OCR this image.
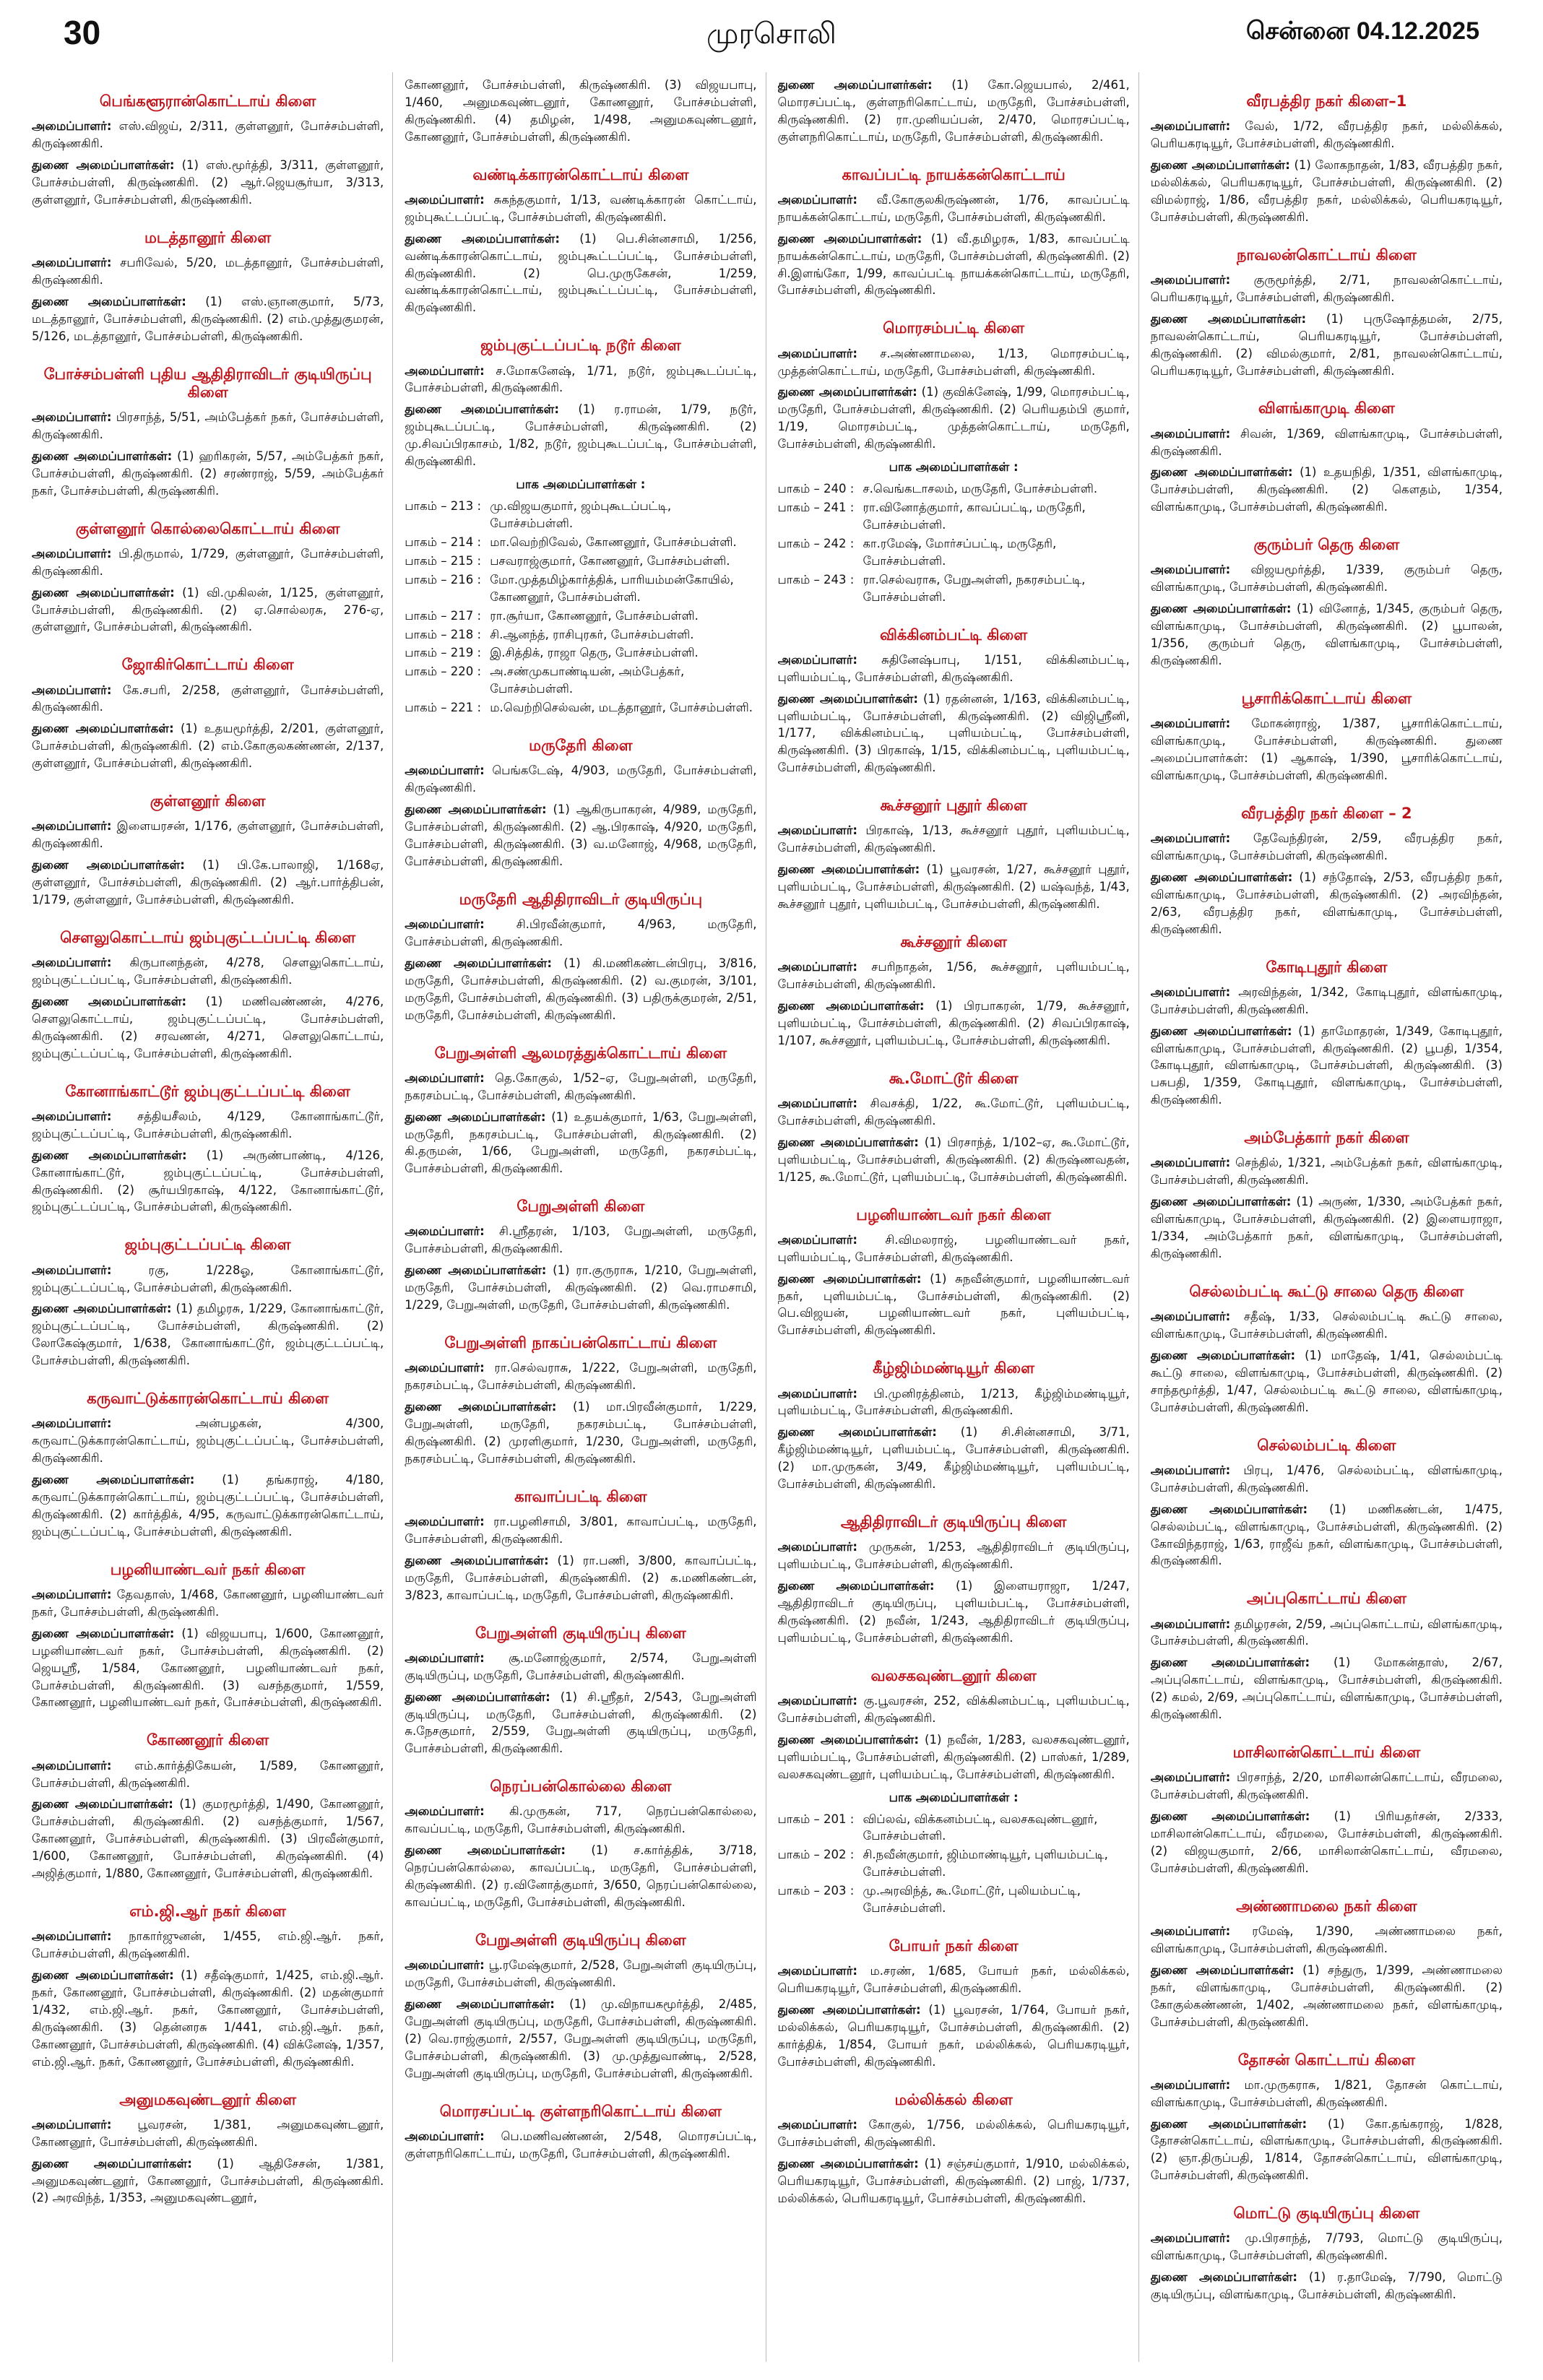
30	முரசொலி	சென்னை 04.12.2025
பெங்களூரான்கொட்டாய் கிளை
அமைப்பாளர்: எஸ்.விஜய், 2/311, குள்ளனூர், போச்சம்பள்ளி, கிருஷ்ணகிரி.
துணை அமைப்பாளர்கள்: (1) எஸ்.மூர்த்தி, 3/311, குள்ளனூர், போச்சம்பள்ளி, கிருஷ்ணகிரி. (2) ஆர்.ஜெயசூர்யா, 3/313, குள்ளனூர், போச்சம்பள்ளி, கிருஷ்ணகிரி.
மடத்தானூர் கிளை
அமைப்பாளர்: சபரிவேல், 5/20, மடத்தானூர், போச்சம்பள்ளி, கிருஷ்ணகிரி.
துணை அமைப்பாளர்கள்: (1) எஸ்.ஞானகுமார், 5/73, மடத்தானூர், போச்சம்பள்ளி, கிருஷ்ணகிரி. (2) எம்.முத்துகுமரன், 5/126, மடத்தானூர், போச்சம்பள்ளி, கிருஷ்ணகிரி.
போச்சம்பள்ளி புதிய ஆதிதிராவிடர் குடியிருப்பு கிளை
அமைப்பாளர்: பிரசாந்த், 5/51, அம்பேத்கர் நகர், போச்சம்பள்ளி, கிருஷ்ணகிரி.
துணை அமைப்பாளர்கள்: (1) ஹரிகரன், 5/57, அம்பேத்கர் நகர், போச்சம்பள்ளி, கிருஷ்ணகிரி. (2) சரண்ராஜ், 5/59, அம்பேத்கர் நகர், போச்சம்பள்ளி, கிருஷ்ணகிரி.
குள்ளனூர் கொல்லைகொட்டாய் கிளை
அமைப்பாளர்: பி.திருமால், 1/729, குள்ளனூர், போச்சம்பள்ளி, கிருஷ்ணகிரி.
துணை அமைப்பாளர்கள்: (1) வி.முகிலன், 1/125, குள்ளனூர், போச்சம்பள்ளி, கிருஷ்ணகிரி. (2) ஏ.சொல்லரசு, 276-ஏ, குள்ளனூர், போச்சம்பள்ளி, கிருஷ்ணகிரி.
ஜோகிர்கொட்டாய் கிளை
அமைப்பாளர்: கே.சபரி, 2/258, குள்ளனூர், போச்சம்பள்ளி, கிருஷ்ணகிரி.
துணை அமைப்பாளர்கள்: (1) உதயமூர்த்தி, 2/201, குள்ளனூர், போச்சம்பள்ளி, கிருஷ்ணகிரி. (2) எம்.கோகுலகண்ணன், 2/137, குள்ளனூர், போச்சம்பள்ளி, கிருஷ்ணகிரி.
குள்ளனூர் கிளை
அமைப்பாளர்: இளையரசன், 1/176, குள்ளனூர், போச்சம்பள்ளி, கிருஷ்ணகிரி.
துணை அமைப்பாளர்கள்: (1) பி.கே.பாலாஜி, 1/168ஏ, குள்ளனூர், போச்சம்பள்ளி, கிருஷ்ணகிரி. (2) ஆர்.பார்த்திபன், 1/179, குள்ளனூர், போச்சம்பள்ளி, கிருஷ்ணகிரி.
செளலுகொட்டாய் ஜம்புகுட்டப்பட்டி கிளை
அமைப்பாளர்: கிருபானந்தன், 4/278, செளலுகொட்டாய், ஜம்புகுட்டப்பட்டி, போச்சம்பள்ளி, கிருஷ்ணகிரி.
துணை அமைப்பாளர்கள்: (1) மணிவண்ணன், 4/276, செளலுகொட்டாய், ஜம்புகுட்டப்பட்டி, போச்சம்பள்ளி, கிருஷ்ணகிரி. (2) சரவணன், 4/271, செளலுகொட்டாய், ஜம்புகுட்டப்பட்டி, போச்சம்பள்ளி, கிருஷ்ணகிரி.
கோனாங்காட்டூர் ஜம்புகுட்டப்பட்டி கிளை
அமைப்பாளர்: சத்தியசீலம், 4/129, கோனாங்காட்டூர், ஜம்புகுட்டப்பட்டி, போச்சம்பள்ளி, கிருஷ்ணகிரி.
துணை அமைப்பாளர்கள்: (1) அருண்பாண்டி, 4/126, கோனாங்காட்டூர், ஜம்புகுட்டப்பட்டி, போச்சம்பள்ளி, கிருஷ்ணகிரி. (2) சூர்யபிரகாஷ், 4/122, கோனாங்காட்டூர், ஜம்புகுட்டப்பட்டி, போச்சம்பள்ளி, கிருஷ்ணகிரி.
ஜம்புகுட்டப்பட்டி கிளை
அமைப்பாளர்: ரகு, 1/228ஓ, கோனாங்காட்டூர், ஜம்புகுட்டப்பட்டி, போச்சம்பள்ளி, கிருஷ்ணகிரி.
துணை அமைப்பாளர்கள்: (1) தமிழரசு, 1/229, கோனாங்காட்டூர், ஜம்புகுட்டப்பட்டி, போச்சம்பள்ளி, கிருஷ்ணகிரி. (2) லோகேஷ்குமார், 1/638, கோனாங்காட்டூர், ஜம்புகுட்டப்பட்டி, போச்சம்பள்ளி, கிருஷ்ணகிரி.
கருவாட்டுக்காரன்கொட்டாய் கிளை
அமைப்பாளர்: அன்பழகன், 4/300, கருவாட்டுக்காரன்கொட்டாய், ஜம்புகுட்டப்பட்டி, போச்சம்பள்ளி, கிருஷ்ணகிரி.
துணை அமைப்பாளர்கள்: (1) தங்கராஜ், 4/180, கருவாட்டுக்காரன்கொட்டாய், ஜம்புகுட்டப்பட்டி, போச்சம்பள்ளி, கிருஷ்ணகிரி. (2) கார்த்திக், 4/95, கருவாட்டுக்காரன்கொட்டாய், ஜம்புகுட்டப்பட்டி, போச்சம்பள்ளி, கிருஷ்ணகிரி.
பழனியாண்டவர் நகர் கிளை
அமைப்பாளர்: தேவதாஸ், 1/468, கோணனூர், பழனியாண்டவர் நகர், போச்சம்பள்ளி, கிருஷ்ணகிரி.
துணை அமைப்பாளர்கள்: (1) விஜயபாபு, 1/600, கோணனூர், பழனியாண்டவர் நகர், போச்சம்பள்ளி, கிருஷ்ணகிரி. (2) ஜெயஸ்ரீ, 1/584, கோணனூர், பழனியாண்டவர் நகர், போச்சம்பள்ளி, கிருஷ்ணகிரி. (3) வசந்தகுமார், 1/559, கோணனூர், பழனியாண்டவர் நகர், போச்சம்பள்ளி, கிருஷ்ணகிரி.
கோணனூர் கிளை
அமைப்பாளர்: எம்.கார்த்திகேயன், 1/589, கோணனூர், போச்சம்பள்ளி, கிருஷ்ணகிரி.
துணை அமைப்பாளர்கள்: (1) குமரமூர்த்தி, 1/490, கோணனூர், போச்சம்பள்ளி, கிருஷ்ணகிரி. (2) வசந்த்குமார், 1/567, கோணனூர், போச்சம்பள்ளி, கிருஷ்ணகிரி. (3) பிரவீன்குமார், 1/600, கோணனூர், போச்சம்பள்ளி, கிருஷ்ணகிரி. (4) அஜித்குமார், 1/880, கோணனூர், போச்சம்பள்ளி, கிருஷ்ணகிரி.
எம்.ஜி.ஆர் நகர் கிளை
அமைப்பாளர்: நாகார்ஜுனன், 1/455, எம்.ஜி.ஆர். நகர், போச்சம்பள்ளி, கிருஷ்ணகிரி.
துணை அமைப்பாளர்கள்: (1) சதீஷ்குமார், 1/425, எம்.ஜி.ஆர். நகர், கோணனூர், போச்சம்பள்ளி, கிருஷ்ணகிரி. (2) மதன்குமார் 1/432, எம்.ஜி.ஆர். நகர், கோணனூர், போச்சம்பள்ளி, கிருஷ்ணகிரி. (3) தென்னரசு 1/441, எம்.ஜி.ஆர். நகர், கோணனூர், போச்சம்பள்ளி, கிருஷ்ணகிரி. (4) விக்னேஷ், 1/357, எம்.ஜி.ஆர். நகர், கோணனூர், போச்சம்பள்ளி, கிருஷ்ணகிரி.
அனுமகவுண்டனூர் கிளை
அமைப்பாளர்: பூவரசன், 1/381, அனுமகவுண்டனூர், கோணனூர், போச்சம்பள்ளி, கிருஷ்ணகிரி.
துணை அமைப்பாளர்கள்: (1) ஆதிசேசன், 1/381, அனுமகவுண்டனூர், கோணனூர், போச்சம்பள்ளி, கிருஷ்ணகிரி. (2) அரவிந்த், 1/353, அனுமகவுண்டனூர்,
கோணனூர், போச்சம்பள்ளி, கிருஷ்ணகிரி. (3) விஜயபாபு, 1/460, அனுமகவுண்டனூர், கோணனூர், போச்சம்பள்ளி, கிருஷ்ணகிரி. (4) தமிழன், 1/498, அனுமகவுண்டனூர், கோணனூர், போச்சம்பள்ளி, கிருஷ்ணகிரி.
வண்டிக்காரன்கொட்டாய் கிளை
அமைப்பாளர்: சுகந்தகுமார், 1/13, வண்டிக்காரன் கொட்டாய், ஜம்புகூட்டப்பட்டி, போச்சம்பள்ளி, கிருஷ்ணகிரி.
துணை அமைப்பாளர்கள்: (1) பெ.சின்னசாமி, 1/256, வண்டிக்காரன்கொட்டாய், ஜம்புகூட்டப்பட்டி, போச்சம்பள்ளி, கிருஷ்ணகிரி. (2) பெ.முருகேசன், 1/259, வண்டிக்காரன்கொட்டாய், ஜம்புகூட்டப்பட்டி, போச்சம்பள்ளி, கிருஷ்ணகிரி.
ஜம்புகுட்டப்பட்டி நடூர் கிளை
அமைப்பாளர்: ச.மோகனேஷ், 1/71, நடூர், ஜம்புகூடப்பட்டி, போச்சம்பள்ளி, கிருஷ்ணகிரி.
துணை அமைப்பாளர்கள்: (1) ர.ராமன், 1/79, நடூர், ஜம்புகூடப்பட்டி, போச்சம்பள்ளி, கிருஷ்ணகிரி. (2) மு.சிவப்பிரகாசம், 1/82, நடூர், ஜம்புகூடப்பட்டி, போச்சம்பள்ளி, கிருஷ்ணகிரி.
பாக அமைப்பாளர்கள் :
பாகம் – 213 : மு.விஜயகுமார், ஜம்புகூடப்பட்டி, போச்சம்பள்ளி.
பாகம் – 214 : மா.வெற்றிவேல், கோணனூர், போச்சம்பள்ளி.
பாகம் – 215 : பசவராஜ்குமார், கோணனூர், போச்சம்பள்ளி.
பாகம் – 216 : மோ.முத்தமிழ்கார்த்திக், பாரியம்மன்கோயில், கோணனூர், போச்சம்பள்ளி.
பாகம் – 217 : ரா.சூர்யா, கோணனூர், போச்சம்பள்ளி.
பாகம் – 218 : சி.ஆனந்த், ராசிபுரகர், போச்சம்பள்ளி.
பாகம் – 219 : இ.சித்திக், ராஜா தெரு, போச்சம்பள்ளி.
பாகம் – 220 : அ.சண்முகபாண்டியன், அம்பேத்கர், போச்சம்பள்ளி.
பாகம் – 221 : ம.வெற்றிசெல்வன், மடத்தானூர், போச்சம்பள்ளி.
மருதேரி கிளை
அமைப்பாளர்: பெங்கடேஷ், 4/903, மருதேரி, போச்சம்பள்ளி, கிருஷ்ணகிரி.
துணை அமைப்பாளர்கள்: (1) ஆகிருபாகரன், 4/989, மருதேரி, போச்சம்பள்ளி, கிருஷ்ணகிரி. (2) ஆ.பிரகாஷ், 4/920, மருதேரி, போச்சம்பள்ளி, கிருஷ்ணகிரி. (3) வ.மனோஜ், 4/968, மருதேரி, போச்சம்பள்ளி, கிருஷ்ணகிரி.
மருதேரி ஆதிதிராவிடர் குடியிருப்பு
அமைப்பாளர்: சி.பிரவீன்குமார், 4/963, மருதேரி, போச்சம்பள்ளி, கிருஷ்ணகிரி.
துணை அமைப்பாளர்கள்: (1) கி.மணிகண்டன்பிரபு, 3/816, மருதேரி, போச்சம்பள்ளி, கிருஷ்ணகிரி. (2) வ.குமரன், 3/101, மருதேரி, போச்சம்பள்ளி, கிருஷ்ணகிரி. (3) பதிருக்குமரன், 2/51, மருதேரி, போச்சம்பள்ளி, கிருஷ்ணகிரி.
பேறுஅள்ளி ஆலமரத்துக்கொட்டாய் கிளை
அமைப்பாளர்: தெ.கோகுல், 1/52–ஏ, பேறுஅள்ளி, மருதேரி, நகரசம்பட்டி, போச்சம்பள்ளி, கிருஷ்ணகிரி.
துணை அமைப்பாளர்கள்: (1) உதயக்குமார், 1/63, பேறுஅள்ளி, மருதேரி, நகரசம்பட்டி, போச்சம்பள்ளி, கிருஷ்ணகிரி. (2) கி.தருமன், 1/66, பேறுஅள்ளி, மருதேரி, நகரசம்பட்டி, போச்சம்பள்ளி, கிருஷ்ணகிரி.
பேறுஅள்ளி கிளை
அமைப்பாளர்: சி.ஸ்ரீதரன், 1/103, பேறுஅள்ளி, மருதேரி, போச்சம்பள்ளி, கிருஷ்ணகிரி.
துணை அமைப்பாளர்கள்: (1) ரா.குருராசு, 1/210, பேறுஅள்ளி, மருதேரி, போச்சம்பள்ளி, கிருஷ்ணகிரி. (2) வெ.ராமசாமி, 1/229, பேறுஅள்ளி, மருதேரி, போச்சம்பள்ளி, கிருஷ்ணகிரி.
பேறுஅள்ளி நாகப்பன்கொட்டாய் கிளை
அமைப்பாளர்: ரா.செல்வராசு, 1/222, பேறுஅள்ளி, மருதேரி, நகரசம்பட்டி, போச்சம்பள்ளி, கிருஷ்ணகிரி.
துணை அமைப்பாளர்கள்: (1) மா.பிரவீன்குமார், 1/229, பேறுஅள்ளி, மருதேரி, நகரசம்பட்டி, போச்சம்பள்ளி, கிருஷ்ணகிரி. (2) முரளிகுமார், 1/230, பேறுஅள்ளி, மருதேரி, நகரசம்பட்டி, போச்சம்பள்ளி, கிருஷ்ணகிரி.
காவாப்பட்டி கிளை
அமைப்பாளர்: ரா.பழனிசாமி, 3/801, காவாப்பட்டி, மருதேரி, போச்சம்பள்ளி, கிருஷ்ணகிரி.
துணை அமைப்பாளர்கள்: (1) ரா.பணி, 3/800, காவாப்பட்டி, மருதேரி, போச்சம்பள்ளி, கிருஷ்ணகிரி. (2) க.மணிகண்டன், 3/823, காவாப்பட்டி, மருதேரி, போச்சம்பள்ளி, கிருஷ்ணகிரி.
பேறுஅள்ளி குடியிருப்பு கிளை
அமைப்பாளர்: சூ.மனோஜ்குமார், 2/574, பேறுஅள்ளி குடியிருப்பு, மருதேரி, போச்சம்பள்ளி, கிருஷ்ணகிரி.
துணை அமைப்பாளர்கள்: (1) சி.ஸ்ரீதர், 2/543, பேறுஅள்ளி குடியிருப்பு, மருதேரி, போச்சம்பள்ளி, கிருஷ்ணகிரி. (2) சு.நேசகுமார், 2/559, பேறுஅள்ளி குடியிருப்பு, மருதேரி, போச்சம்பள்ளி, கிருஷ்ணகிரி.
நெரப்பன்கொல்லை கிளை
அமைப்பாளர்: கி.முருகன், 717, நெரப்பன்கொல்லை, காவப்பட்டி, மருதேரி, போச்சம்பள்ளி, கிருஷ்ணகிரி.
துணை அமைப்பாளர்கள்: (1) ச.கார்த்திக், 3/718, நெரப்பன்கொல்லை, காவப்பட்டி, மருதேரி, போச்சம்பள்ளி, கிருஷ்ணகிரி. (2) ர.வினோத்குமார், 3/650, நெரப்பன்கொல்லை, காவப்பட்டி, மருதேரி, போச்சம்பள்ளி, கிருஷ்ணகிரி.
பேறுஅள்ளி குடியிருப்பு கிளை
அமைப்பாளர்: பூ.ரமேஷ்குமார், 2/528, பேறுஅள்ளி குடியிருப்பு, மருதேரி, போச்சம்பள்ளி, கிருஷ்ணகிரி.
துணை அமைப்பாளர்கள்: (1) மு.விநாயகமூர்த்தி, 2/485, பேறுஅள்ளி குடியிருப்பு, மருதேரி, போச்சம்பள்ளி, கிருஷ்ணகிரி. (2) வெ.ராஜ்குமார், 2/557, பேறுஅள்ளி குடியிருப்பு, மருதேரி, போச்சம்பள்ளி, கிருஷ்ணகிரி. (3) மு.முத்துவாண்டி, 2/528, பேறுஅள்ளி குடியிருப்பு, மருதேரி, போச்சம்பள்ளி, கிருஷ்ணகிரி.
மொரசப்பட்டி குள்ளநரிகொட்டாய் கிளை
அமைப்பாளர்: பெ.மணிவண்ணன், 2/548, மொரசப்பட்டி, குள்ளநரிகொட்டாய், மருதேரி, போச்சம்பள்ளி, கிருஷ்ணகிரி.
துணை அமைப்பாளர்கள்: (1) கோ.ஜெயபால், 2/461, மொரசப்பட்டி, குள்ளநரிகொட்டாய், மருதேரி, போச்சம்பள்ளி, கிருஷ்ணகிரி. (2) ரா.முனியப்பன், 2/470, மொரசப்பட்டி, குள்ளநரிகொட்டாய், மருதேரி, போச்சம்பள்ளி, கிருஷ்ணகிரி.
காவப்பட்டி நாயக்கன்கொட்டாய்
அமைப்பாளர்: வீ.கோகுலகிருஷ்ணன், 1/76, காவப்பட்டி நாயக்கன்கொட்டாய், மருதேரி, போச்சம்பள்ளி, கிருஷ்ணகிரி.
துணை அமைப்பாளர்கள்: (1) வீ.தமிழரசு, 1/83, காவப்பட்டி நாயக்கன்கொட்டாய், மருதேரி, போச்சம்பள்ளி, கிருஷ்ணகிரி. (2) சி.இளங்கோ, 1/99, காவப்பட்டி நாயக்கன்கொட்டாய், மருதேரி, போச்சம்பள்ளி, கிருஷ்ணகிரி.
மொரசம்பட்டி கிளை
அமைப்பாளர்: ச.அண்ணாமலை, 1/13, மொரசம்பட்டி, முத்தன்கொட்டாய், மருதேரி, போச்சம்பள்ளி, கிருஷ்ணகிரி.
துணை அமைப்பாளர்கள்: (1) குவிக்னேஷ், 1/99, மொரசம்பட்டி, மருதேரி, போச்சம்பள்ளி, கிருஷ்ணகிரி. (2) பெரியதம்பி குமார், 1/19, மொரசம்பட்டி, முத்தன்கொட்டாய், மருதேரி, போச்சம்பள்ளி, கிருஷ்ணகிரி.
பாக அமைப்பாளர்கள் :
பாகம் – 240 : ச.வெங்கடாசலம், மருதேரி, போச்சம்பள்ளி.
பாகம் – 241 : ரா.வினோத்குமார், காவப்பட்டி, மருதேரி, போச்சம்பள்ளி.
பாகம் – 242 : கா.ரமேஷ், மோர்சப்பட்டி, மருதேரி, போச்சம்பள்ளி.
பாகம் – 243 : ரா.செல்வராசு, பேறுஅள்ளி, நகரசம்பட்டி, போச்சம்பள்ளி.
விக்கினம்பட்டி கிளை
அமைப்பாளர்: சுதினேஷ்பாபு, 1/151, விக்கினம்பட்டி, புளியம்பட்டி, போச்சம்பள்ளி, கிருஷ்ணகிரி.
துணை அமைப்பாளர்கள்: (1) ரதன்னன், 1/163, விக்கினம்பட்டி, புளியம்பட்டி, போச்சம்பள்ளி, கிருஷ்ணகிரி. (2) விஜிஸ்ரீனி, 1/177, விக்கினம்பட்டி, புளியம்பட்டி, போச்சம்பள்ளி, கிருஷ்ணகிரி. (3) பிரகாஷ், 1/15, விக்கினம்பட்டி, புளியம்பட்டி, போச்சம்பள்ளி, கிருஷ்ணகிரி.
கூச்சனூர் புதூர் கிளை
அமைப்பாளர்: பிரகாஷ், 1/13, கூச்சனூர் புதூர், புளியம்பட்டி, போச்சம்பள்ளி, கிருஷ்ணகிரி.
துணை அமைப்பாளர்கள்: (1) பூவரசன், 1/27, கூச்சனூர் புதூர், புளியம்பட்டி, போச்சம்பள்ளி, கிருஷ்ணகிரி. (2) யஷ்வந்த், 1/43, கூச்சனூர் புதூர், புளியம்பட்டி, போச்சம்பள்ளி, கிருஷ்ணகிரி.
கூச்சனூர் கிளை
அமைப்பாளர்: சபரிநாதன், 1/56, கூச்சனூர், புளியம்பட்டி, போச்சம்பள்ளி, கிருஷ்ணகிரி.
துணை அமைப்பாளர்கள்: (1) பிரபாகரன், 1/79, கூச்சனூர், புளியம்பட்டி, போச்சம்பள்ளி, கிருஷ்ணகிரி. (2) சிவப்பிரகாஷ், 1/107, கூச்சனூர், புளியம்பட்டி, போச்சம்பள்ளி, கிருஷ்ணகிரி.
கூ.மோட்டூர் கிளை
அமைப்பாளர்: சிவசக்தி, 1/22, கூ.மோட்டூர், புளியம்பட்டி, போச்சம்பள்ளி, கிருஷ்ணகிரி.
துணை அமைப்பாளர்கள்: (1) பிரசாந்த், 1/102–ஏ, கூ.மோட்டூர், புளியம்பட்டி, போச்சம்பள்ளி, கிருஷ்ணகிரி. (2) கிருஷ்ணவதன், 1/125, கூ.மோட்டூர், புளியம்பட்டி, போச்சம்பள்ளி, கிருஷ்ணகிரி.
பழனியாண்டவர் நகர் கிளை
அமைப்பாளர்: சி.விமலராஜ், பழனியாண்டவர் நகர், புளியம்பட்டி, போச்சம்பள்ளி, கிருஷ்ணகிரி.
துணை அமைப்பாளர்கள்: (1) சுநவீன்குமார், பழனியாண்டவர் நகர், புளியம்பட்டி, போச்சம்பள்ளி, கிருஷ்ணகிரி. (2) பெ.விஜயன், பழனியாண்டவர் நகர், புளியம்பட்டி, போச்சம்பள்ளி, கிருஷ்ணகிரி.
கீழ்ஜிம்மண்டியூர் கிளை
அமைப்பாளர்: பி.முனிரத்தினம், 1/213, கீழ்ஜிம்மண்டியூர், புளியம்பட்டி, போச்சம்பள்ளி, கிருஷ்ணகிரி.
துணை அமைப்பாளர்கள்: (1) சி.சின்னசாமி, 3/71, கீழ்ஜிம்மண்டியூர், புளியம்பட்டி, போச்சம்பள்ளி, கிருஷ்ணகிரி. (2) மா.முருகன், 3/49, கீழ்ஜிம்மண்டியூர், புளியம்பட்டி, போச்சம்பள்ளி, கிருஷ்ணகிரி.
ஆதிதிராவிடர் குடியிருப்பு கிளை
அமைப்பாளர்: முருகன், 1/253, ஆதிதிராவிடர் குடியிருப்பு, புளியம்பட்டி, போச்சம்பள்ளி, கிருஷ்ணகிரி.
துணை அமைப்பாளர்கள்: (1) இளையராஜா, 1/247, ஆதிதிராவிடர் குடியிருப்பு, புளியம்பட்டி, போச்சம்பள்ளி, கிருஷ்ணகிரி. (2) நவீன், 1/243, ஆதிதிராவிடர் குடியிருப்பு, புளியம்பட்டி, போச்சம்பள்ளி, கிருஷ்ணகிரி.
வலசகவுண்டனூர் கிளை
அமைப்பாளர்: கு.பூவரசன், 252, விக்கினம்பட்டி, புளியம்பட்டி, போச்சம்பள்ளி, கிருஷ்ணகிரி.
துணை அமைப்பாளர்கள்: (1) நவீன், 1/283, வலசகவுண்டனூர், புளியம்பட்டி, போச்சம்பள்ளி, கிருஷ்ணகிரி. (2) பாஸ்கர், 1/289, வலசகவுண்டனூர், புளியம்பட்டி, போச்சம்பள்ளி, கிருஷ்ணகிரி.
பாக அமைப்பாளர்கள் :
பாகம் – 201 : விப்லவ், விக்கனம்பட்டி, வலசகவுண்டனூர், போச்சம்பள்ளி.
பாகம் – 202 : சி.நவீன்குமார், ஜிம்மாண்டியூர், புளியம்பட்டி, போச்சம்பள்ளி.
பாகம் – 203 : மு.அரவிந்த், கூ.மோட்டூர், புலியம்பட்டி, போச்சம்பள்ளி.
போயர் நகர் கிளை
அமைப்பாளர்: ம.சரண், 1/685, போயர் நகர், மல்லிக்கல், பெரியகரடியூர், போச்சம்பள்ளி, கிருஷ்ணகிரி.
துணை அமைப்பாளர்கள்: (1) பூவரசன், 1/764, போயர் நகர், மல்லிக்கல், பெரியகரடியூர், போச்சம்பள்ளி, கிருஷ்ணகிரி. (2) கார்த்திக், 1/854, போயர் நகர், மல்லிக்கல், பெரியகரடியூர், போச்சம்பள்ளி, கிருஷ்ணகிரி.
மல்லிக்கல் கிளை
அமைப்பாளர்: கோகுல், 1/756, மல்லிக்கல், பெரியகரடியூர், போச்சம்பள்ளி, கிருஷ்ணகிரி.
துணை அமைப்பாளர்கள்: (1) சஞ்சய்குமார், 1/910, மல்லிக்கல், பெரியகரடியூர், போச்சம்பள்ளி, கிருஷ்ணகிரி. (2) பாஜ், 1/737, மல்லிக்கல், பெரியகரடியூர், போச்சம்பள்ளி, கிருஷ்ணகிரி.
வீரபத்திர நகர் கிளை–1
அமைப்பாளர்: வேல், 1/72, வீரபத்திர நகர், மல்லிக்கல், பெரியகரடியூர், போச்சம்பள்ளி, கிருஷ்ணகிரி.
துணை அமைப்பாளர்கள்: (1) லோகநாதன், 1/83, வீரபத்திர நகர், மல்லிக்கல், பெரியகரடியூர், போச்சம்பள்ளி, கிருஷ்ணகிரி. (2) விமல்ராஜ், 1/86, வீரபத்திர நகர், மல்லிக்கல், பெரியகரடியூர், போச்சம்பள்ளி, கிருஷ்ணகிரி.
நாவலன்கொட்டாய் கிளை
அமைப்பாளர்: குருமூர்த்தி, 2/71, நாவலன்கொட்டாய், பெரியகரடியூர், போச்சம்பள்ளி, கிருஷ்ணகிரி.
துணை அமைப்பாளர்கள்: (1) புருஷோத்தமன், 2/75, நாவலன்கொட்டாய், பெரியகரடியூர், போச்சம்பள்ளி, கிருஷ்ணகிரி. (2) விமல்குமார், 2/81, நாவலன்கொட்டாய், பெரியகரடியூர், போச்சம்பள்ளி, கிருஷ்ணகிரி.
விளங்காமுடி கிளை
அமைப்பாளர்: சிவன், 1/369, விளங்காமுடி, போச்சம்பள்ளி, கிருஷ்ணகிரி.
துணை அமைப்பாளர்கள்: (1) உதயநிதி, 1/351, விளங்காமுடி, போச்சம்பள்ளி, கிருஷ்ணகிரி. (2) கௌதம், 1/354, விளங்காமுடி, போச்சம்பள்ளி, கிருஷ்ணகிரி.
குரும்பர் தெரு கிளை
அமைப்பாளர்: விஜயமூர்த்தி, 1/339, குரும்பர் தெரு, விளங்காமுடி, போச்சம்பள்ளி, கிருஷ்ணகிரி.
துணை அமைப்பாளர்கள்: (1) வினோத், 1/345, குரும்பர் தெரு, விளங்காமுடி, போச்சம்பள்ளி, கிருஷ்ணகிரி. (2) பூபாலன், 1/356, குரும்பர் தெரு, விளங்காமுடி, போச்சம்பள்ளி, கிருஷ்ணகிரி.
பூசாரிக்கொட்டாய் கிளை
அமைப்பாளர்: மோகன்ராஜ், 1/387, பூசாரிக்கொட்டாய், விளங்காமுடி, போச்சம்பள்ளி, கிருஷ்ணகிரி. துணை அமைப்பாளர்கள்: (1) ஆகாஷ், 1/390, பூசாரிக்கொட்டாய், விளங்காமுடி, போச்சம்பள்ளி, கிருஷ்ணகிரி.
வீரபத்திர நகர் கிளை – 2
அமைப்பாளர்: தேவேந்திரன், 2/59, வீரபத்திர நகர், விளங்காமுடி, போச்சம்பள்ளி, கிருஷ்ணகிரி.
துணை அமைப்பாளர்கள்: (1) சந்தோஷ், 2/53, வீரபத்திர நகர், விளங்காமுடி, போச்சம்பள்ளி, கிருஷ்ணகிரி. (2) அரவிந்தன், 2/63, வீரபத்திர நகர், விளங்காமுடி, போச்சம்பள்ளி, கிருஷ்ணகிரி.
கோடிபுதூர் கிளை
அமைப்பாளர்: அரவிந்தன், 1/342, கோடிபுதூர், விளங்காமுடி, போச்சம்பள்ளி, கிருஷ்ணகிரி.
துணை அமைப்பாளர்கள்: (1) தாமோதரன், 1/349, கோடிபுதூர், விளங்காமுடி, போச்சம்பள்ளி, கிருஷ்ணகிரி. (2) பூபதி, 1/354, கோடிபுதூர், விளங்காமுடி, போச்சம்பள்ளி, கிருஷ்ணகிரி. (3) பசுபதி, 1/359, கோடிபுதூர், விளங்காமுடி, போச்சம்பள்ளி, கிருஷ்ணகிரி.
அம்பேத்கார் நகர் கிளை
அமைப்பாளர்: செந்தில், 1/321, அம்பேத்கர் நகர், விளங்காமுடி, போச்சம்பள்ளி, கிருஷ்ணகிரி.
துணை அமைப்பாளர்கள்: (1) அருண், 1/330, அம்பேத்கர் நகர், விளங்காமுடி, போச்சம்பள்ளி, கிருஷ்ணகிரி. (2) இளையராஜா, 1/334, அம்பேத்கார் நகர், விளங்காமுடி, போச்சம்பள்ளி, கிருஷ்ணகிரி.
செல்லம்பட்டி கூட்டு சாலை தெரு கிளை
அமைப்பாளர்: சதீஷ், 1/33, செல்லம்பட்டி கூட்டு சாலை, விளங்காமுடி, போச்சம்பள்ளி, கிருஷ்ணகிரி.
துணை அமைப்பாளர்கள்: (1) மாதேஷ், 1/41, செல்லம்பட்டி கூட்டு சாலை, விளங்காமுடி, போச்சம்பள்ளி, கிருஷ்ணகிரி. (2) சாந்தமூர்த்தி, 1/47, செல்லம்பட்டி கூட்டு சாலை, விளங்காமுடி, போச்சம்பள்ளி, கிருஷ்ணகிரி.
செல்லம்பட்டி கிளை
அமைப்பாளர்: பிரபு, 1/476, செல்லம்பட்டி, விளங்காமுடி, போச்சம்பள்ளி, கிருஷ்ணகிரி.
துணை அமைப்பாளர்கள்: (1) மணிகண்டன், 1/475, செல்லம்பட்டி, விளங்காமுடி, போச்சம்பள்ளி, கிருஷ்ணகிரி. (2) கோவிந்தராஜ், 1/63, ராஜீவ் நகர், விளங்காமுடி, போச்சம்பள்ளி, கிருஷ்ணகிரி.
அப்புகொட்டாய் கிளை
அமைப்பாளர்: தமிழரசன், 2/59, அப்புகொட்டாய், விளங்காமுடி, போச்சம்பள்ளி, கிருஷ்ணகிரி.
துணை அமைப்பாளர்கள்: (1) மோகன்தாஸ், 2/67, அப்புகொட்டாய், விளங்காமுடி, போச்சம்பள்ளி, கிருஷ்ணகிரி. (2) கமல், 2/69, அப்புகொட்டாய், விளங்காமுடி, போச்சம்பள்ளி, கிருஷ்ணகிரி.
மாசிலான்கொட்டாய் கிளை
அமைப்பாளர்: பிரசாந்த், 2/20, மாசிலான்கொட்டாய், வீரமலை, போச்சம்பள்ளி, கிருஷ்ணகிரி.
துணை அமைப்பாளர்கள்: (1) பிரியதர்சன், 2/333, மாசிலான்கொட்டாய், வீரமலை, போச்சம்பள்ளி, கிருஷ்ணகிரி. (2) விஜயகுமார், 2/66, மாசிலான்கொட்டாய், வீரமலை, போச்சம்பள்ளி, கிருஷ்ணகிரி.
அண்ணாமலை நகர் கிளை
அமைப்பாளர்: ரமேஷ், 1/390, அண்ணாமலை நகர், விளங்காமுடி, போச்சம்பள்ளி, கிருஷ்ணகிரி.
துணை அமைப்பாளர்கள்: (1) சந்துரு, 1/399, அண்ணாமலை நகர், விளங்காமுடி, போச்சம்பள்ளி, கிருஷ்ணகிரி. (2) கோகுல்கண்ணன், 1/402, அண்ணாமலை நகர், விளங்காமுடி, போச்சம்பள்ளி, கிருஷ்ணகிரி.
தோசன் கொட்டாய் கிளை
அமைப்பாளர்: மா.முருகராசு, 1/821, தோசன் கொட்டாய், விளங்காமுடி, போச்சம்பள்ளி, கிருஷ்ணகிரி.
துணை அமைப்பாளர்கள்: (1) கோ.தங்கராஜ், 1/828, தோசன்கொட்டாய், விளங்காமுடி, போச்சம்பள்ளி, கிருஷ்ணகிரி. (2) ஞா.திருப்பதி, 1/814, தோசன்கொட்டாய், விளங்காமுடி, போச்சம்பள்ளி, கிருஷ்ணகிரி.
மொட்டு குடியிருப்பு கிளை
அமைப்பாளர்: மு.பிரசாந்த், 7/793, மொட்டு குடியிருப்பு, விளங்காமுடி, போச்சம்பள்ளி, கிருஷ்ணகிரி.
துணை அமைப்பாளர்கள்: (1) ர.தாமேஷ், 7/790, மொட்டு குடியிருப்பு, விளங்காமுடி, போச்சம்பள்ளி, கிருஷ்ணகிரி.
